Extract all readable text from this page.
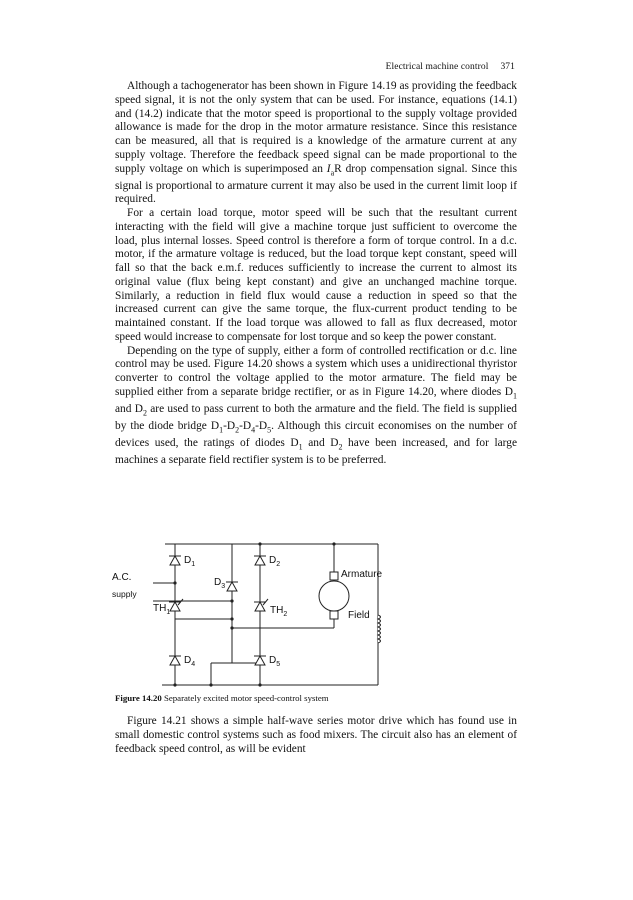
Electrical machine control 371

Although a tachogenerator has been shown in Figure 14.19 as providing the feedback speed signal, it is not the only system that can be used. For instance, equations (14.1) and (14.2) indicate that the motor speed is proportional to the supply voltage provided allowance is made for the drop in the motor armature resistance. Since this resistance can be measured, all that is required is a knowledge of the armature current at any supply voltage. Therefore the feedback speed signal can be made proportional to the supply voltage on which is superimposed an $I_aR$ drop compensation signal. Since this signal is proportional to armature current it may also be used in the current limit loop if required.

For a certain load torque, motor speed will be such that the resultant current interacting with the field will give a machine torque just sufficient to overcome the load, plus internal losses. Speed control is therefore a form of torque control. In a d.c. motor, if the armature voltage is reduced, but the load torque kept constant, speed will fall so that the back e.m.f. reduces sufficiently to increase the current to almost its original value (flux being kept constant) and give an unchanged machine torque. Similarly, a reduction in field flux would cause a reduction in speed so that the increased current can give the same torque, the flux-current product tending to be maintained constant. If the load torque was allowed to fall as flux decreased, motor speed would increase to compensate for lost torque and so keep the power constant.

Depending on the type of supply, either a form of controlled rectification or d.c. line control may be used. Figure 14.20 shows a system which uses a unidirectional thyristor converter to control the voltage applied to the motor armature. The field may be supplied either from a separate bridge rectifier, or as in Figure 14.20, where diodes $D_1$ and $D_2$ are used to pass current to both the armature and the field. The field is supplied by the diode bridge $D_1-D_2-D_4-D_5$. Although this circuit economises on the number of devices used, the ratings of diodes $D_1$ and $D_2$ have been increased, and for large machines a separate field rectifier system is to be preferred.

A.C.
supply
$D_1$	$D_2$
$D_3$
$D_4$	$D_5$
$TH_1$	$TH_2$
Armature
Field
Figure 14.20 Separately excited motor speed-control system

Figure 14.21 shows a simple half-wave series motor drive which has found use in small domestic control systems such as food mixers. The circuit also has an element of feedback speed control, as will be evident
